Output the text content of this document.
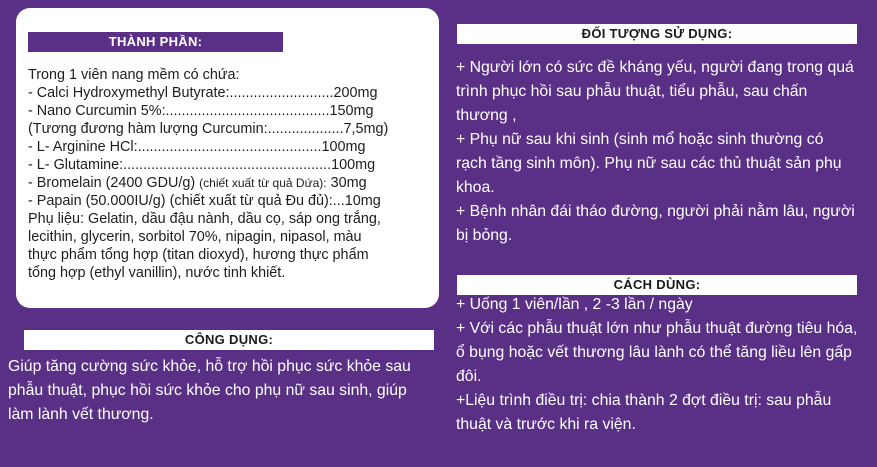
THÀNH PHẦN:
Trong 1 viên nang mềm có chứa:
- Calci Hydroxymethyl Butyrate:..........................200mg
- Nano Curcumin 5%:.........................................150mg
(Tương đương hàm lượng Curcumin:...................7,5mg)
- L- Arginine HCl:..............................................100mg
- L- Glutamine:....................................................100mg
- Bromelain (2400 GDU/g) (chiết xuất từ quả Dứa): 30mg
- Papain (50.000IU/g) (chiết xuất từ quả Đu đủ):...10mg
Phụ liệu: Gelatin, dầu đậu nành, dầu cọ, sáp ong trắng,
lecithin, glycerin, sorbitol 70%, nipagin, nipasol, màu
thực phẩm tổng hợp (titan dioxyd), hương thực phẩm
tổng hợp (ethyl vanillin), nước tinh khiết.
CÔNG DỤNG:
Giúp tăng cường sức khỏe, hỗ trợ hồi phục sức khỏe sau
phẫu thuật, phục hồi sức khỏe cho phụ nữ sau sinh, giúp
làm lành vết thương.
ĐỐI TƯỢNG SỬ DỤNG:
+ Người lớn có sức đề kháng yếu, người đang trong quá
trình phục hồi sau phẫu thuật, tiểu phẫu, sau chấn
thương ,
+ Phụ nữ sau khi sinh (sinh mổ hoặc sinh thường có
rạch tầng sinh môn). Phụ nữ sau các thủ thuật sản phụ
khoa.
+ Bệnh nhân đái tháo đường, người phải nằm lâu, người
bị bỏng.
CÁCH DÙNG:
+ Uống 1 viên/lần , 2 -3 lần / ngày
+ Với các phẫu thuật lớn như phẫu thuật đường tiêu hóa,
ổ bụng hoặc vết thương lâu lành có thể tăng liều lên gấp
đôi.
+Liệu trình điều trị: chia thành 2 đợt điều trị: sau phẫu
thuật và trước khi ra viện.
